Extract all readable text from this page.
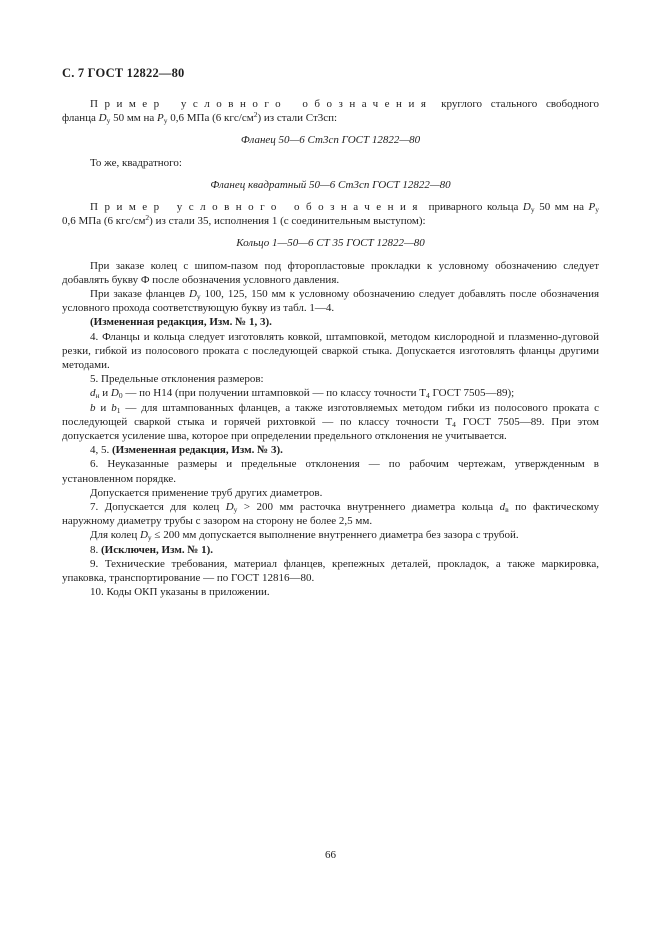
С. 7 ГОСТ 12822—80

Пример условного обозначения круглого стального свободного фланца $D_y$ 50 мм на $P_y$ 0,6 МПа (6 кгс/$см^2$) из стали Ст3сп:

Фланец 50—6 Ст3сп ГОСТ 12822—80

То же, квадратного:

Фланец квадратный 50—6 Ст3сп ГОСТ 12822—80

Пример условного обозначения приварного кольца $D_y$ 50 мм на $P_y$ 0,6 МПа (6 кгс/$см^2$) из стали 35, исполнения 1 (с соединительным выступом):

Кольцо 1—50—6 СТ 35 ГОСТ 12822—80

При заказе колец с шипом-пазом под фторопластовые прокладки к условному обозначению следует добавлять букву Ф после обозначения условного давления.

При заказе фланцев $D_y$ 100, 125, 150 мм к условному обозначению следует добавлять после обозначения условного прохода соответствующую букву из табл. 1—4.

(Измененная редакция, Изм. № 1, 3).

4. Фланцы и кольца следует изготовлять ковкой, штамповкой, методом кислородной и плазменно-дуговой резки, гибкой из полосового проката с последующей сваркой стыка. Допускается изготовлять фланцы другими методами.

5. Предельные отклонения размеров:

$d_н$ и $D_0$ — по Н14 (при получении штамповкой — по классу точности $Т_4$ ГОСТ 7505—89);

b и $b_1$ — для штампованных фланцев, а также изготовляемых методом гибки из полосового проката с последующей сваркой стыка и горячей рихтовкой — по класcу точности $Т_4$ ГОСТ 7505—89. При этом допускается усиление шва, которое при определении предельного отклонения не учитывается.

4, 5. (Измененная редакция, Изм. № 3).

6. Неуказанные размеры и предельные отклонения — по рабочим чертежам, утвержденным в установленном порядке.

Допускается применение труб других диаметров.

7. Допускается для колец $D_y > 200$ мм расточка внутреннего диаметра кольца $d_в$ по фактическому наружному диаметру трубы с зазором на сторону не более 2,5 мм.

Для колец $D_y \le 200$ мм допускается выполнение внутреннего диаметра без зазора с трубой.

8. (Исключен, Изм. № 1).

9. Технические требования, материал фланцев, крепежных деталей, прокладок, а также маркировка, упаковка, транспортирование — по ГОСТ 12816—80.

10. Коды ОКП указаны в приложении.

66
